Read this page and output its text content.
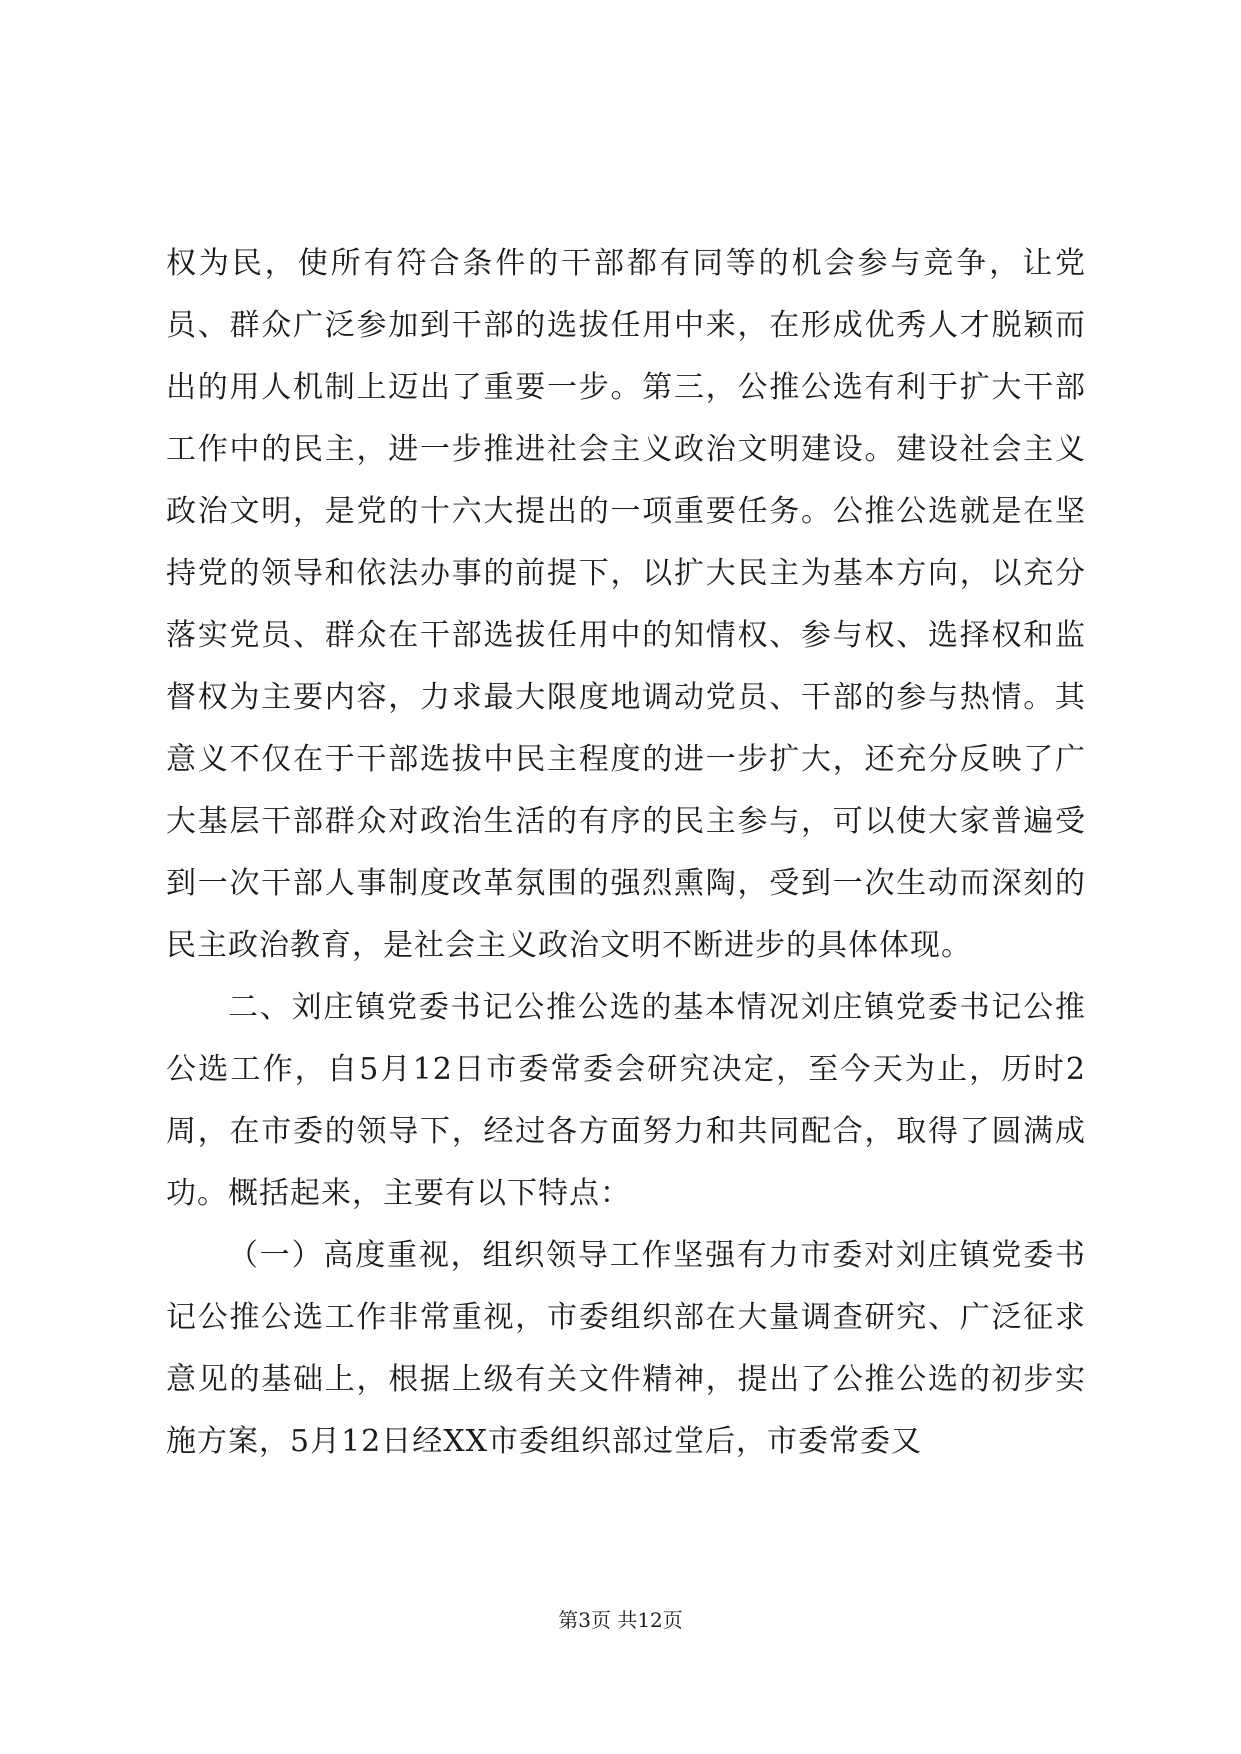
权为民，使所有符合条件的干部都有同等的机会参与竞争，让党员、群众广泛参加到干部的选拔任用中来，在形成优秀人才脱颖而出的用人机制上迈出了重要一步。第三，公推公选有利于扩大干部工作中的民主，进一步推进社会主义政治文明建设。建设社会主义政治文明，是党的十六大提出的一项重要任务。公推公选就是在坚持党的领导和依法办事的前提下，以扩大民主为基本方向，以充分落实党员、群众在干部选拔任用中的知情权、参与权、选择权和监督权为主要内容，力求最大限度地调动党员、干部的参与热情。其意义不仅在于干部选拔中民主程度的进一步扩大，还充分反映了广大基层干部群众对政治生活的有序的民主参与，可以使大家普遍受到一次干部人事制度改革氛围的强烈熏陶，受到一次生动而深刻的民主政治教育，是社会主义政治文明不断进步的具体体现。

二、刘庄镇党委书记公推公选的基本情况刘庄镇党委书记公推公选工作，自5月12日市委常委会研究决定，至今天为止，历时2周，在市委的领导下，经过各方面努力和共同配合，取得了圆满成功。概括起来，主要有以下特点：

（一）高度重视，组织领导工作坚强有力市委对刘庄镇党委书记公推公选工作非常重视，市委组织部在大量调查研究、广泛征求意见的基础上，根据上级有关文件精神，提出了公推公选的初步实施方案，5月12日经XX市委组织部过堂后，市委常委又

第3页 共12页
